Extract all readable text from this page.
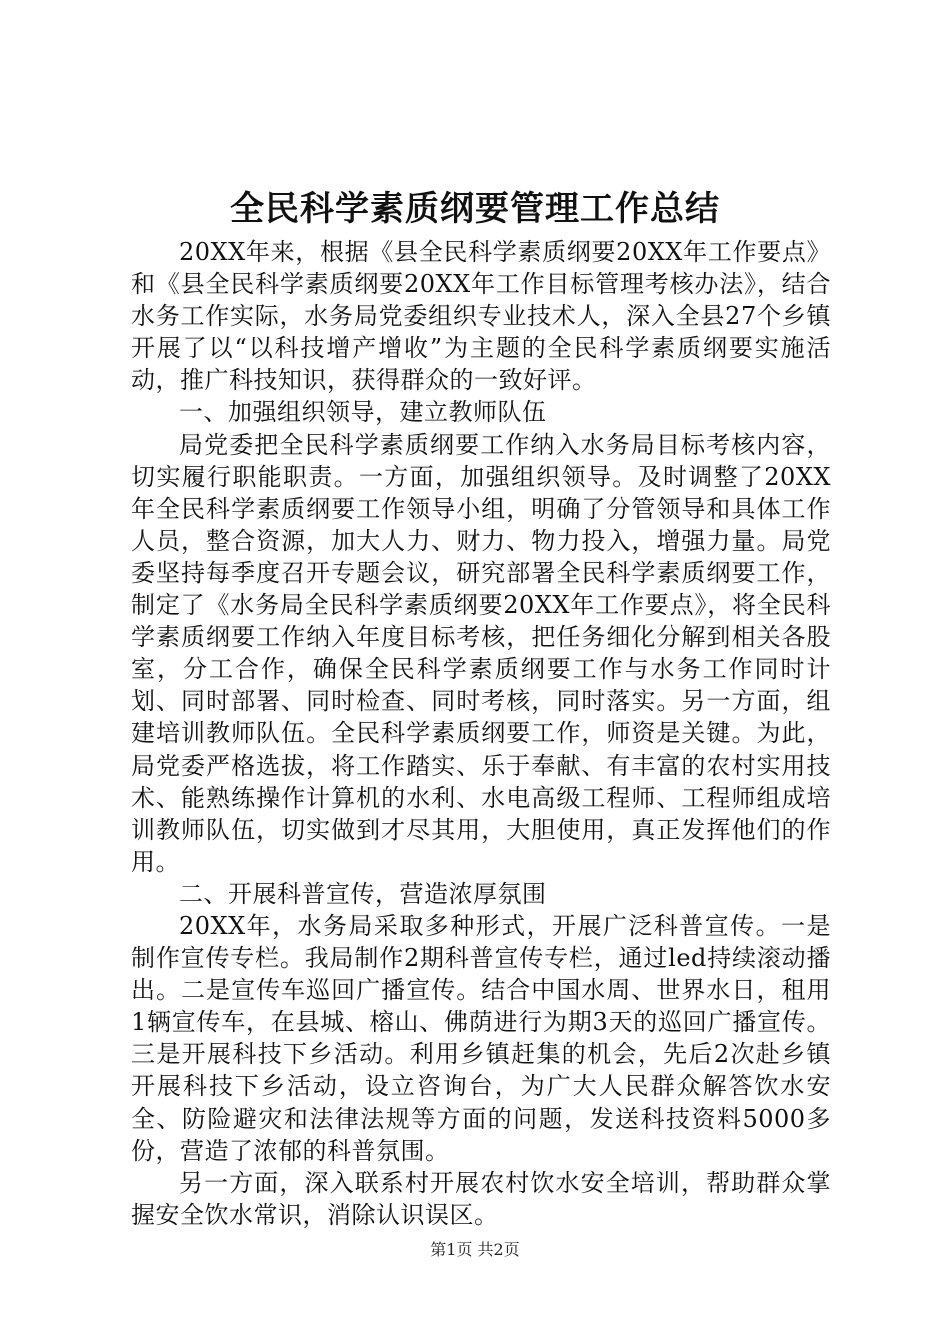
全民科学素质纲要管理工作总结

20XX年来，根据《县全民科学素质纲要20XX年工作要点》和《县全民科学素质纲要20XX年工作目标管理考核办法》，结合水务工作实际，水务局党委组织专业技术人，深入全县27个乡镇开展了以“以科技增产增收”为主题的全民科学素质纲要实施活动，推广科技知识，获得群众的一致好评。

一、加强组织领导，建立教师队伍

局党委把全民科学素质纲要工作纳入水务局目标考核内容，切实履行职能职责。一方面，加强组织领导。及时调整了20XX年全民科学素质纲要工作领导小组，明确了分管领导和具体工作人员，整合资源，加大人力、财力、物力投入，增强力量。局党委坚持每季度召开专题会议，研究部署全民科学素质纲要工作，制定了《水务局全民科学素质纲要20XX年工作要点》，将全民科学素质纲要工作纳入年度目标考核，把任务细化分解到相关各股室，分工合作，确保全民科学素质纲要工作与水务工作同时计划、同时部署、同时检查、同时考核，同时落实。另一方面，组建培训教师队伍。全民科学素质纲要工作，师资是关键。为此，局党委严格选拔，将工作踏实、乐于奉献、有丰富的农村实用技术、能熟练操作计算机的水利、水电高级工程师、工程师组成培训教师队伍，切实做到才尽其用，大胆使用，真正发挥他们的作用。

二、开展科普宣传，营造浓厚氛围

20XX年，水务局采取多种形式，开展广泛科普宣传。一是制作宣传专栏。我局制作2期科普宣传专栏，通过led持续滚动播出。二是宣传车巡回广播宣传。结合中国水周、世界水日，租用1辆宣传车，在县城、榕山、佛荫进行为期3天的巡回广播宣传。三是开展科技下乡活动。利用乡镇赶集的机会，先后2次赴乡镇开展科技下乡活动，设立咨询台，为广大人民群众解答饮水安全、防险避灾和法律法规等方面的问题，发送科技资料5000多份，营造了浓郁的科普氛围。

另一方面，深入联系村开展农村饮水安全培训，帮助群众掌握安全饮水常识，消除认识误区。

第1页 共2页
